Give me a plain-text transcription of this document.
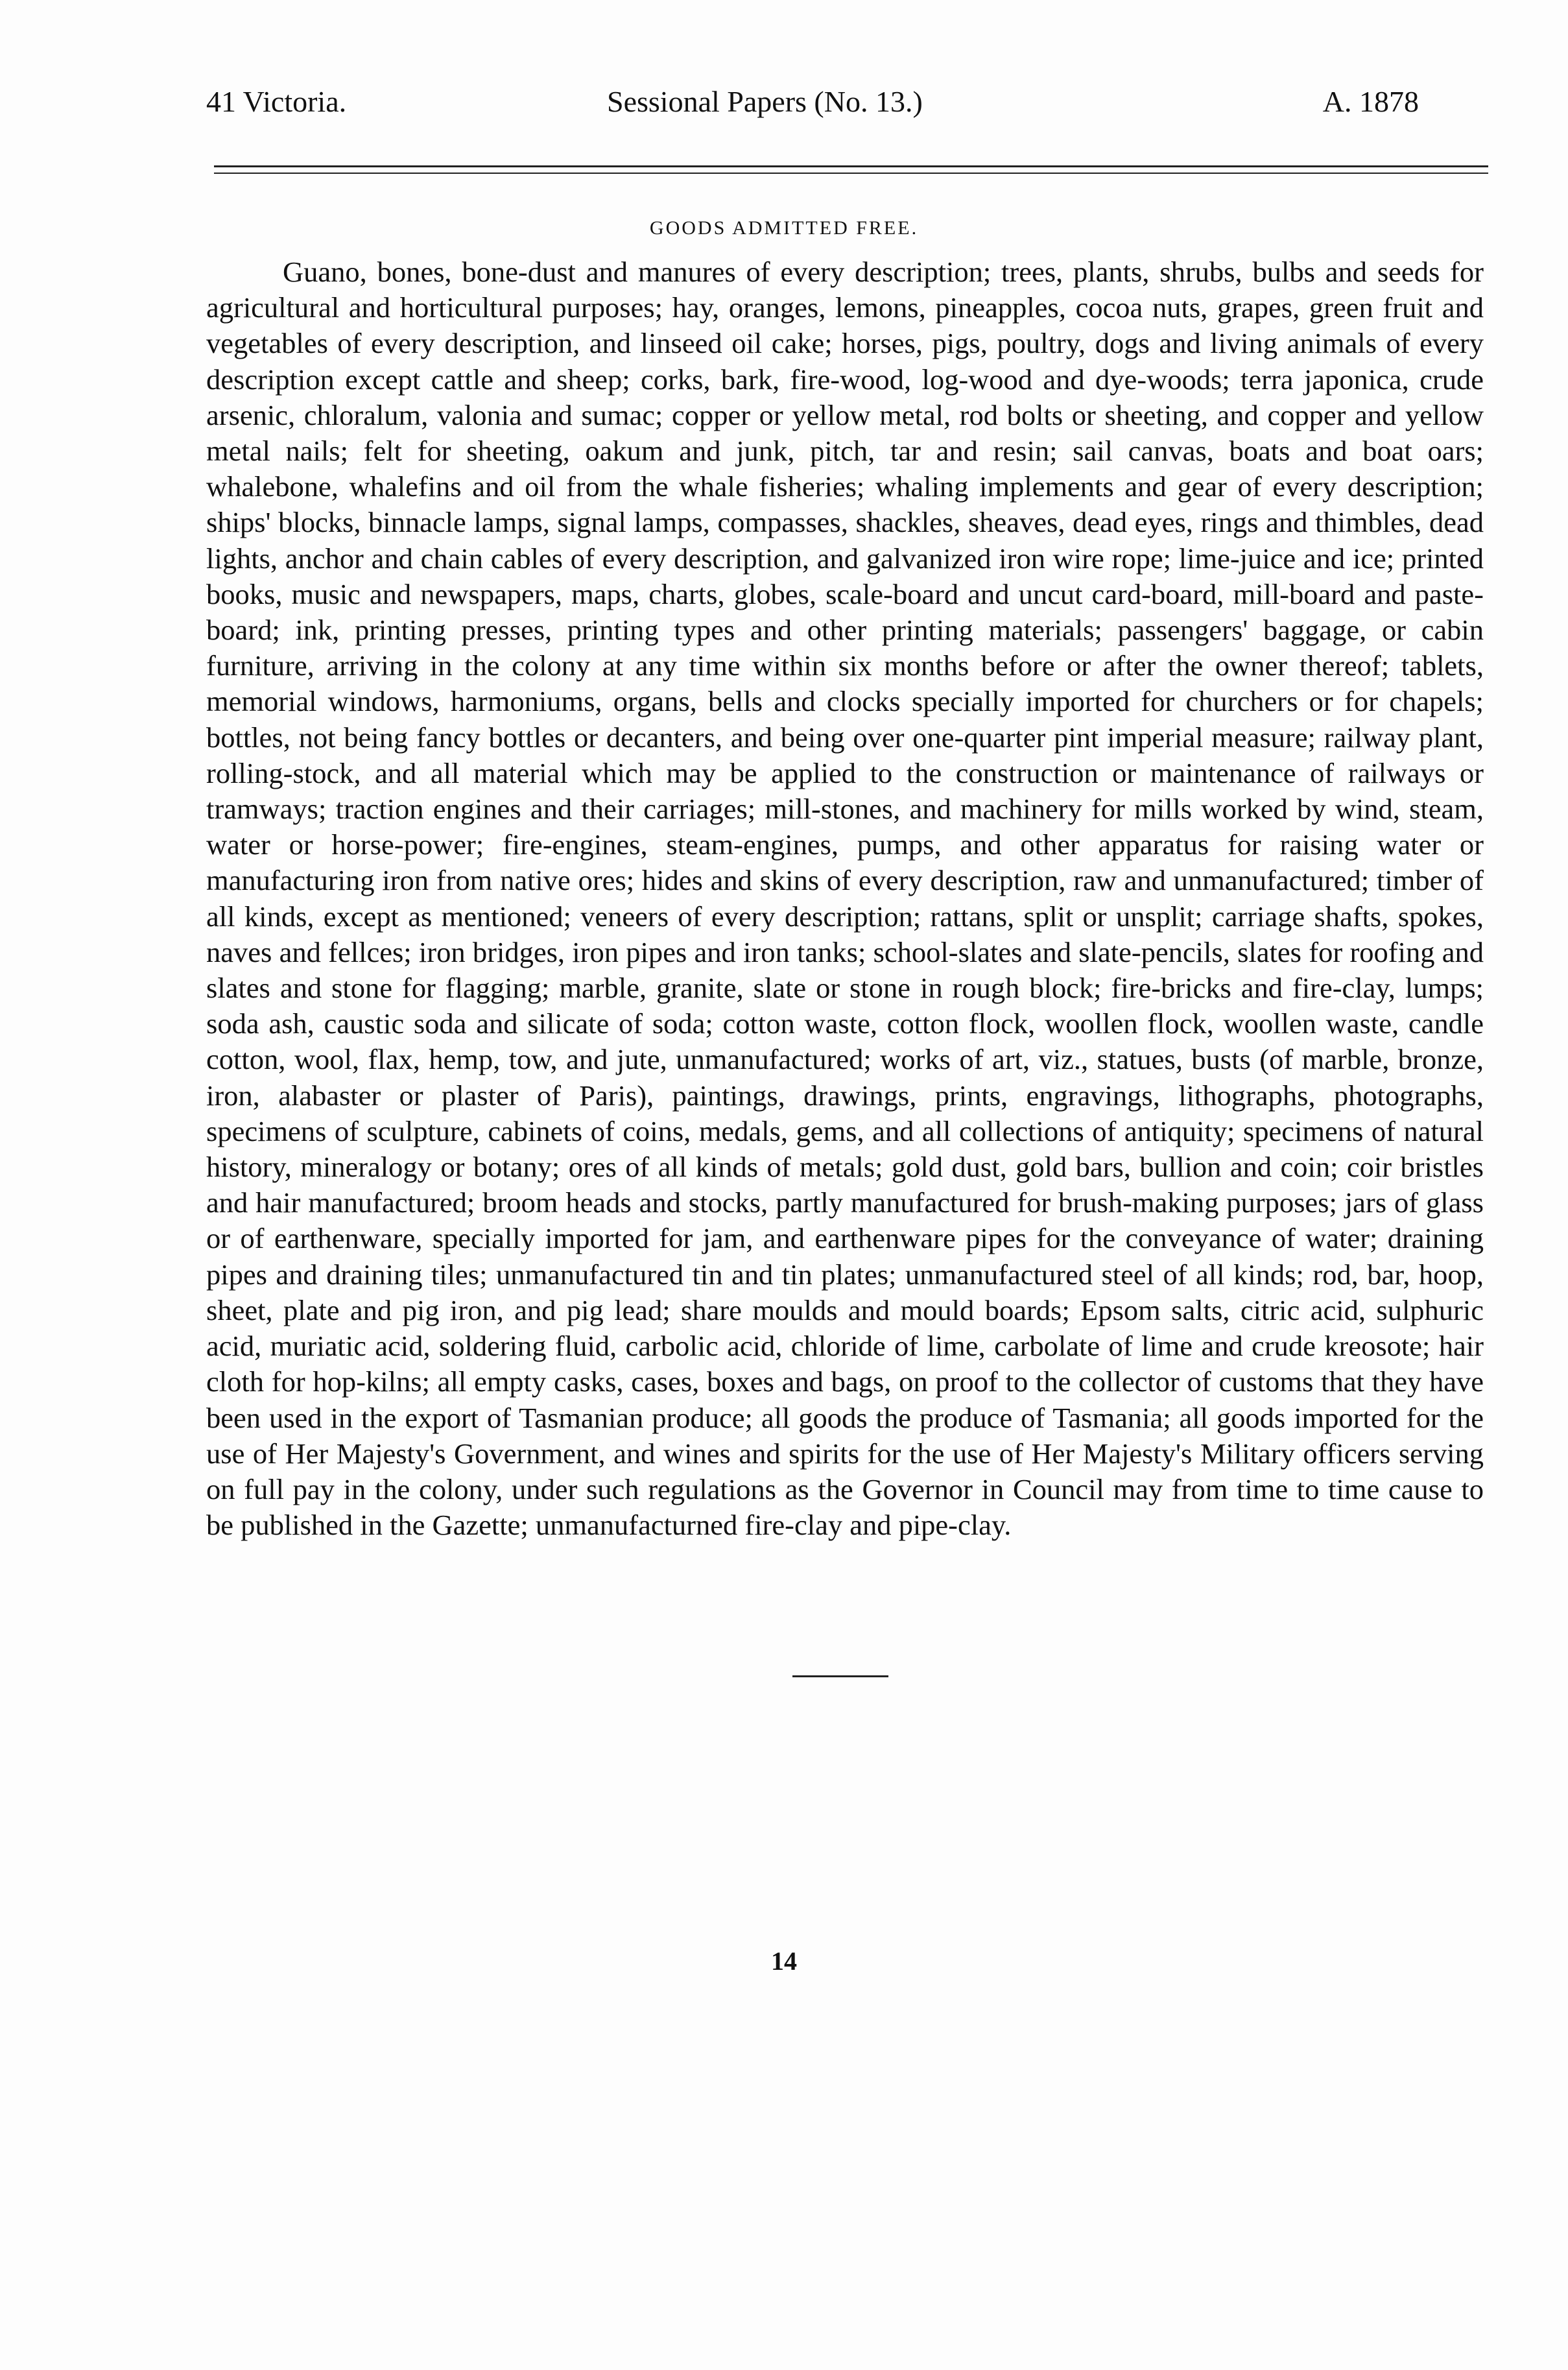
41 Victoria.	Sessional Papers (No. 13.)	A. 1878
GOODS ADMITTED FREE.

Guano, bones, bone-dust and manures of every description; trees, plants, shrubs, bulbs and seeds for agricultural and horticultural purposes; hay, oranges, lemons, pineapples, cocoa nuts, grapes, green fruit and vegetables of every description, and linseed oil cake; horses, pigs, poultry, dogs and living animals of every description except cattle and sheep; corks, bark, fire-wood, log-wood and dye-woods; terra japonica, crude arsenic, chloralum, valonia and sumac; copper or yellow metal, rod bolts or sheeting, and copper and yellow metal nails; felt for sheeting, oakum and junk, pitch, tar and resin; sail canvas, boats and boat oars; whalebone, whalefins and oil from the whale fisheries; whaling implements and gear of every description; ships' blocks, binnacle lamps, signal lamps, compasses, shackles, sheaves, dead eyes, rings and thimbles, dead lights, anchor and chain cables of every description, and galvanized iron wire rope; lime-juice and ice; printed books, music and newspapers, maps, charts, globes, scale-board and uncut card-board, mill-board and paste-board; ink, printing presses, printing types and other printing materials; passengers' baggage, or cabin furniture, arriving in the colony at any time within six months before or after the owner thereof; tablets, memorial windows, harmoniums, organs, bells and clocks specially imported for churchers or for chapels; bottles, not being fancy bottles or decanters, and being over one-quarter pint imperial measure; railway plant, rolling-stock, and all material which may be applied to the construction or maintenance of railways or tramways; traction engines and their carriages; mill-stones, and machinery for mills worked by wind, steam, water or horse-power; fire-engines, steam-engines, pumps, and other apparatus for raising water or manufacturing iron from native ores; hides and skins of every description, raw and unmanufactured; timber of all kinds, except as mentioned; veneers of every description; rattans, split or unsplit; carriage shafts, spokes, naves and fellces; iron bridges, iron pipes and iron tanks; school-slates and slate-pencils, slates for roofing and slates and stone for flagging; marble, granite, slate or stone in rough block; fire-bricks and fire-clay, lumps; soda ash, caustic soda and silicate of soda; cotton waste, cotton flock, woollen flock, woollen waste, candle cotton, wool, flax, hemp, tow, and jute, unmanufactured; works of art, viz., statues, busts (of marble, bronze, iron, alabaster or plaster of Paris), paintings, drawings, prints, engravings, lithographs, photographs, specimens of sculpture, cabinets of coins, medals, gems, and all collections of antiquity; specimens of natural history, mineralogy or botany; ores of all kinds of metals; gold dust, gold bars, bullion and coin; coir bristles and hair manufactured; broom heads and stocks, partly manufactured for brush-making purposes; jars of glass or of earthenware, specially imported for jam, and earthenware pipes for the conveyance of water; draining pipes and draining tiles; unmanufactured tin and tin plates; unmanufactured steel of all kinds; rod, bar, hoop, sheet, plate and pig iron, and pig lead; share moulds and mould boards; Epsom salts, citric acid, sulphuric acid, muriatic acid, soldering fluid, carbolic acid, chloride of lime, carbolate of lime and crude kreosote; hair cloth for hop-kilns; all empty casks, cases, boxes and bags, on proof to the collector of customs that they have been used in the export of Tasmanian produce; all goods the produce of Tasmania; all goods imported for the use of Her Majesty's Government, and wines and spirits for the use of Her Majesty's Military officers serving on full pay in the colony, under such regulations as the Governor in Council may from time to time cause to be published in the Gazette; unmanufacturned fire-clay and pipe-clay.

14
